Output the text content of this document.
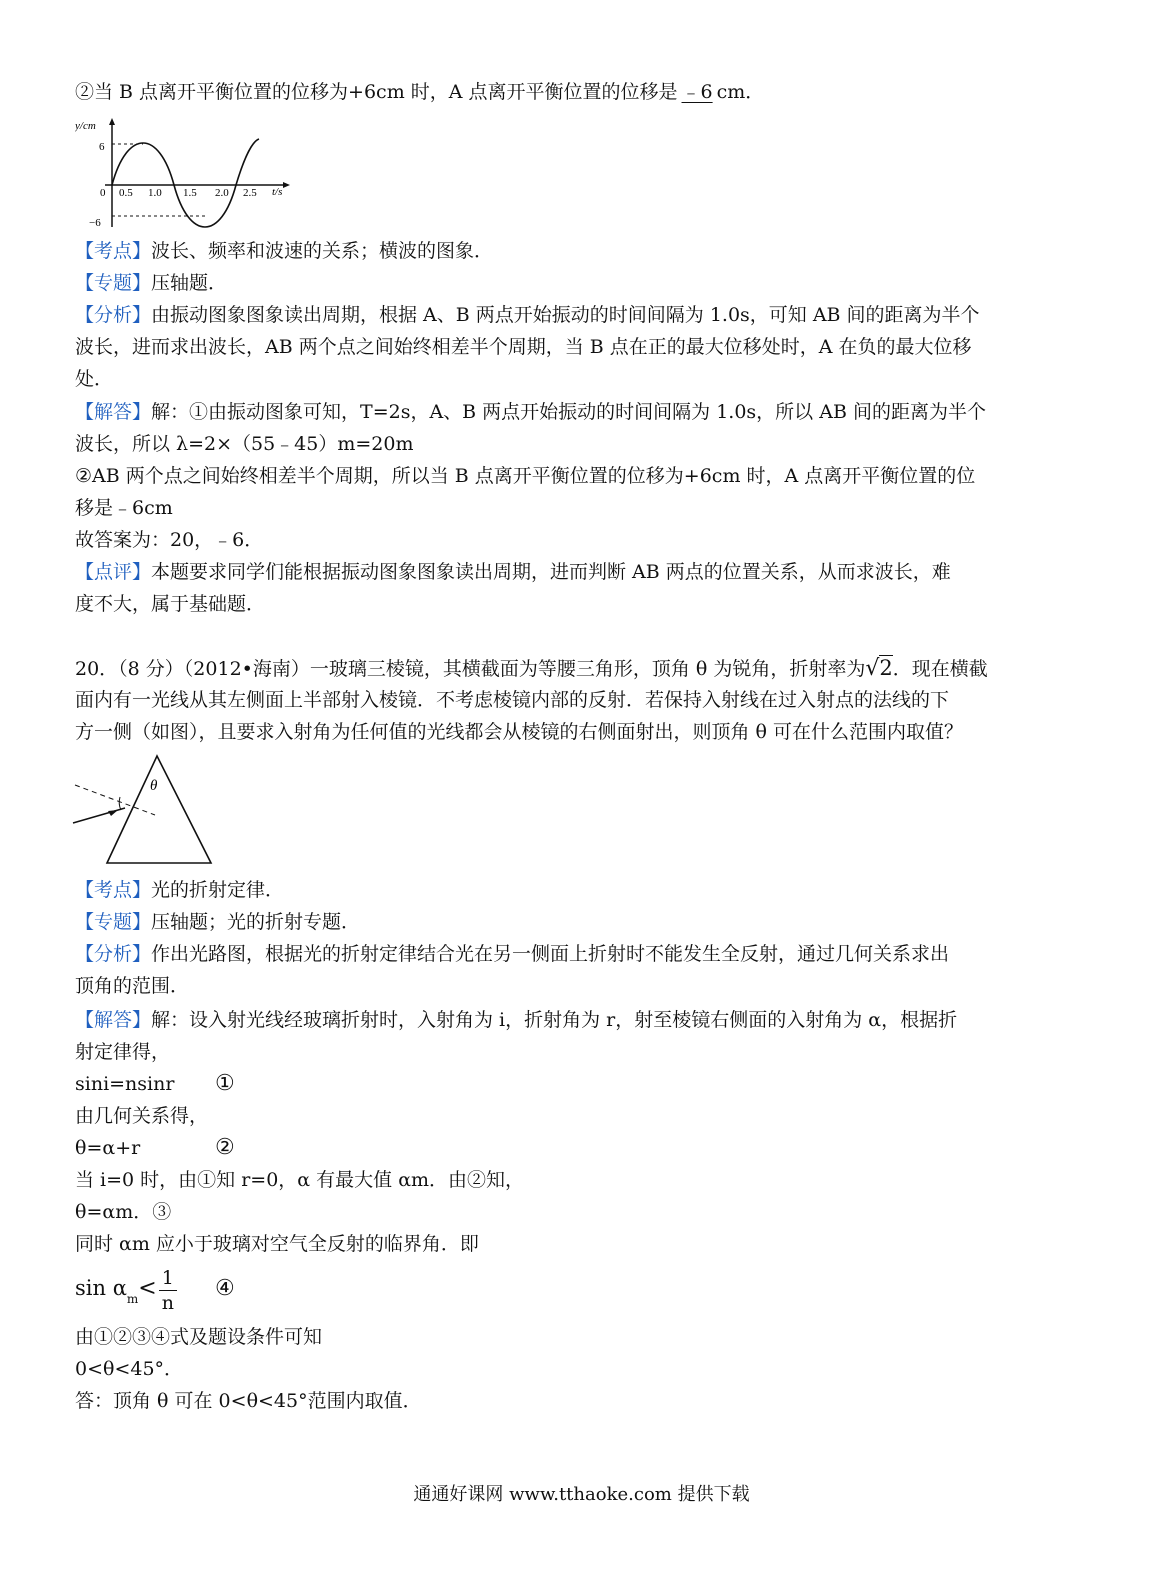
②当 B 点离开平衡位置的位移为+6cm 时，A 点离开平衡位置的位移是 ﹣6 cm．
y/cm
t/s
6
0
−6
0.5 1.0 1.5 2.0 2.5
【考点】波长、频率和波速的关系；横波的图象．
【专题】压轴题．
【分析】由振动图象图象读出周期，根据 A、B 两点开始振动的时间间隔为 1.0s，可知 AB 间的距离为半个
波长，进而求出波长，AB 两个点之间始终相差半个周期，当 B 点在正的最大位移处时，A 在负的最大位移
处．
【解答】解：①由振动图象可知，T=2s，A、B 两点开始振动的时间间隔为 1.0s，所以 AB 间的距离为半个
波长，所以 λ=2×（55﹣45）m=20m
②AB 两个点之间始终相差半个周期，所以当 B 点离开平衡位置的位移为+6cm 时，A 点离开平衡位置的位
移是﹣6cm
故答案为：20，﹣6．
【点评】本题要求同学们能根据振动图象图象读出周期，进而判断 AB 两点的位置关系，从而求波长，难
度不大，属于基础题．
20．（8 分）（2012•海南）一玻璃三棱镜，其横截面为等腰三角形，顶角 θ 为锐角，折射率为√2．现在横截
面内有一光线从其左侧面上半部射入棱镜．不考虑棱镜内部的反射．若保持入射线在过入射点的法线的下
方一侧（如图），且要求入射角为任何值的光线都会从棱镜的右侧面射出，则顶角 θ 可在什么范围内取值？
θ
【考点】光的折射定律．
【专题】压轴题；光的折射专题．
【分析】作出光路图，根据光的折射定律结合光在另一侧面上折射时不能发生全反射，通过几何关系求出
顶角的范围．
【解答】解：设入射光线经玻璃折射时，入射角为 i，折射角为 r，射至棱镜右侧面的入射角为 α，根据折
射定律得，
sini=nsinr ①
由几何关系得，
θ=α+r	②
当 i=0 时，由①知 r=0，α 有最大值 αm．由②知，
θ=αm．③
同时 αm 应小于玻璃对空气全反射的临界角．即
$\sin \alpha_m< \frac{1}{n}$ ④
由①②③④式及题设条件可知
0<θ<45°．
答：顶角 θ 可在 0<θ<45°范围内取值．
通通好课网 www.tthaoke.com 提供下载
